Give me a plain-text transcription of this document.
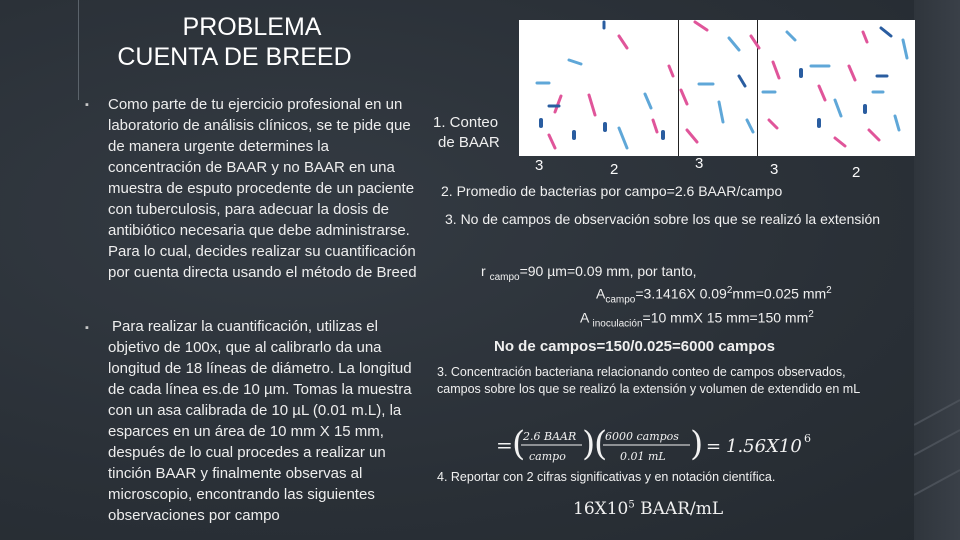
PROBLEMA
CUENTA DE BREED
▪ Como parte de tu ejercicio profesional en un laboratorio de análisis clínicos, se te pide que de manera urgente determines la concentración de BAAR y no BAAR en una muestra de esputo procedente de un paciente con tuberculosis, para adecuar la dosis de antibiótico necesaria que debe administrarse. Para lo cual, decides realizar su cuantificación por cuenta directa usando el método de Breed
▪ Para realizar la cuantificación, utilizas el objetivo de 100x, que al calibrarlo da una longitud de 18 líneas de diámetro. La longitud de cada línea es.de 10 µm. Tomas la muestra con un asa calibrada de 10 µL (0.01 m.L), la esparces en un área de 10 mm X 15 mm, después de lo cual procedes a realizar un tinción BAAR y finalmente observas al microscopio, encontrando las siguientes observaciones por campo
1. Conteo
de BAAR
3	2	3	3	2
2. Promedio de bacterias por campo=2.6 BAAR/campo
3. No de campos de observación sobre los que se realizó la extensión
r $_{campo}$=90 µm=0.09 mm, por tanto,
$A_{campo}=3.1416X$ $0.09^2mm=0.025$ $mm^2$
A $_{inoculación}$=10 mmX 15 mm=150 $mm^2$
No de campos=150/0.025=6000 campos
3. Concentración bacteriana relacionando conteo de campos observados, campos sobre los que se realizó la extensión y volumen de extendido en mL
= (
2.6 BAAR
campo )
(
6000 campos
0.01 mL ) = 1.56X10 6
4. Reportar con 2 cifras significativas y en notación científica.
$16X10^5$ BAAR/mL
